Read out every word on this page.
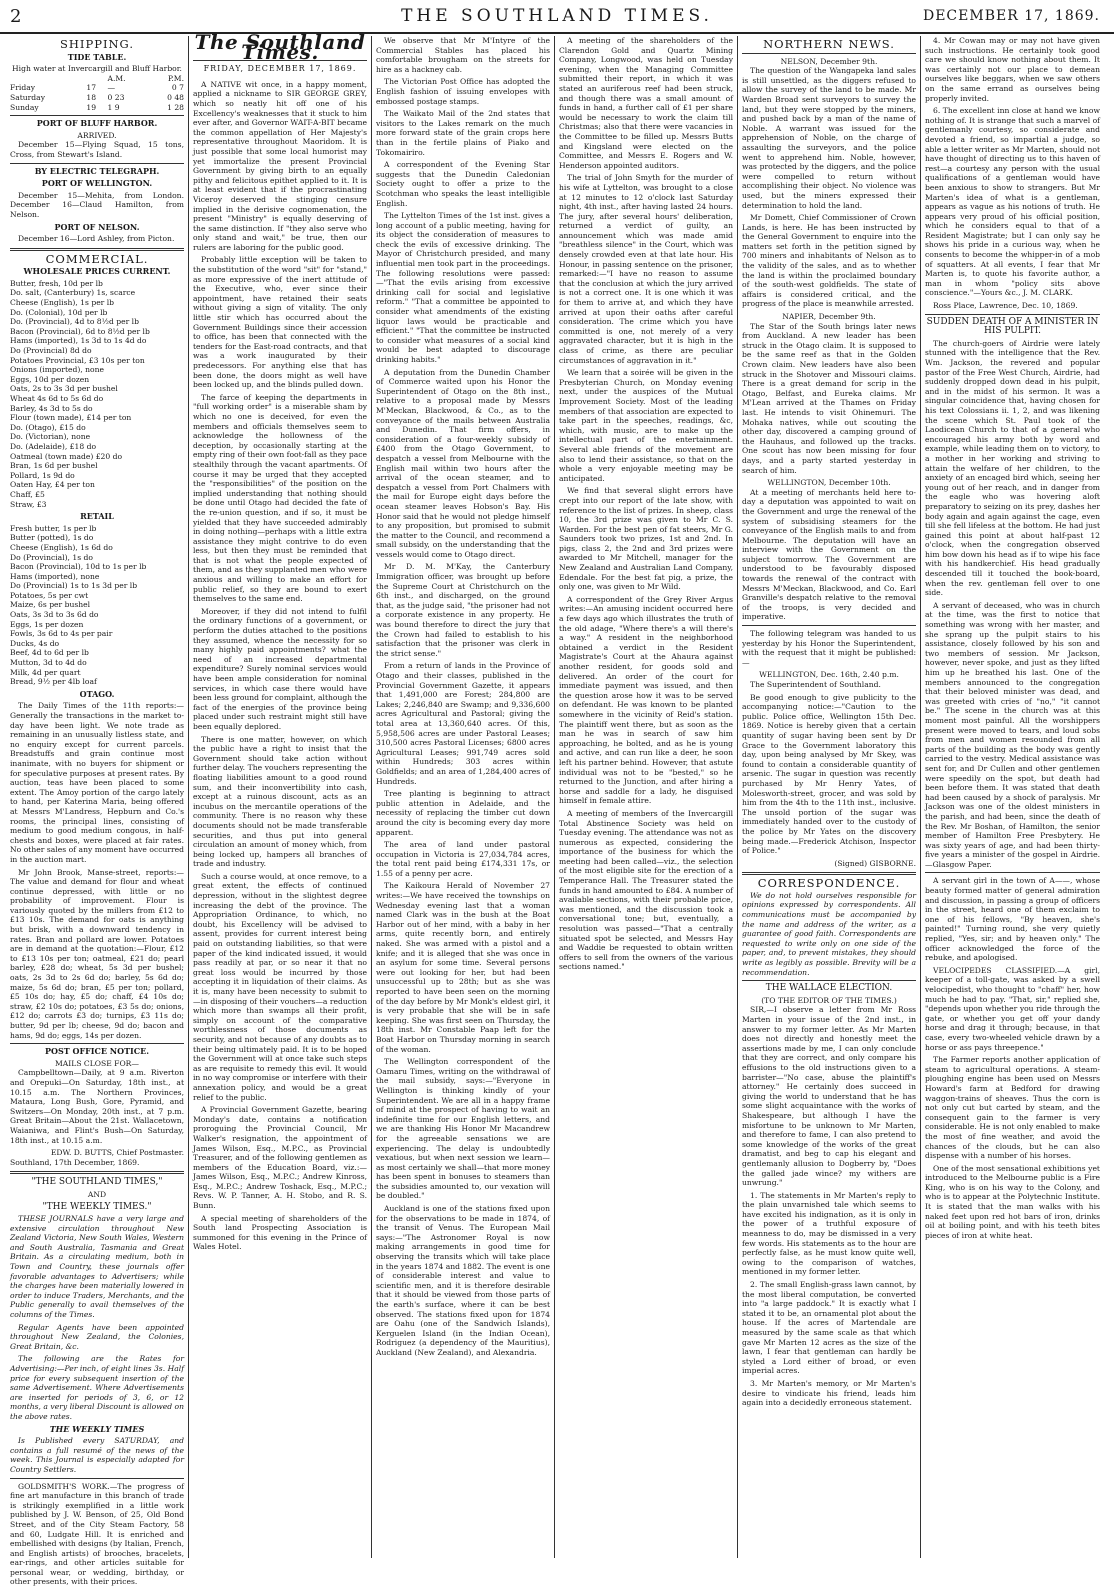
THE SOUTHLAND TIMES.
2	DECEMBER 17, 1869.
SHIPPING.
TIDE TABLE.
High water at Invercargill and Bluff Harbor.
		A.M.	P.M.
Friday	17	—	0 7
Saturday	18	0 23	0 48
Sunday	19	1 9	1 28
PORT OF BLUFF HARBOR.
ARRIVED.

December 15—Flying Squad, 15 tons, Cross, from Stewart's Island.

BY ELECTRIC TELEGRAPH.
PORT OF WELLINGTON.

December 15—Mehita, from London. December 16—Claud Hamilton, from Nelson.

PORT OF NELSON.

December 16—Lord Ashley, from Picton.

COMMERCIAL.
WHOLESALE PRICES CURRENT.
Butter, fresh, 10d per lb
Do. salt, (Canterbury) 1s, scarce
Cheese (English), 1s per lb
Do. (Colonial), 10d per lb
Do. (Provincial), 4d to 8½d per lb
Bacon (Provincial), 6d to 8½d per lb
Hams (imported), 1s 3d to 1s 4d do
Do (Provincial) 8d do
Potatoes Provincial, £3 10s per ton
Onions (imported), none
Eggs, 10d per dozen
Oats, 2s to 3s 3d per bushel
Wheat 4s 6d to 5s 6d do
Barley, 4s 3d to 5s do
Flour (town made), £14 per ton
Do. (Otago), £15 do
Do. (Victorian), none
Do. (Adelaide), £18 do
Oatmeal (town made) £20 do
Bran, 1s 6d per bushel
Pollard, 1s 9d do
Oaten Hay, £4 per ton
Chaff, £5
Straw, £3
RETAIL
Fresh butter, 1s per lb
Butter (potted), 1s do
Cheese (English), 1s 6d do
Do (Provincial), 1s do
Bacon (Provincial), 10d to 1s per lb
Hams (imported), none
Do (Provincial) 1s to 1s 3d per lb
Potatoes, 5s per cwt
Maize, 6s per bushel
Oats, 3s 3d to 3s 6d do
Eggs, 1s per dozen
Fowls, 3s 6d to 4s per pair
Ducks, 4s do
Beef, 4d to 6d per lb
Mutton, 3d to 4d do
Milk, 4d per quart
Bread, 9½ per 4lb loaf
OTAGO.

The Daily Times of the 11th reports:—Generally the transactions in the market to-day have been light. We note trade as remaining in an unusually listless state, and no enquiry except for current parcels. Breadstuffs and grain continue most inanimate, with no buyers for shipment or for speculative purposes at present rates. By auction, teas have been placed to some extent. The Amoy portion of the cargo lately to hand, per Katerina Maria, being offered at Messrs M'Landress, Hepburn and Co.'s rooms, the principal lines, consisting of medium to good medium congous, in half-chests and boxes, were placed at fair rates. No other sales of any moment have occurred in the auction mart.

Mr John Brook, Manse-street, reports:—The value and demand for flour and wheat continue depressed, with little or no probability of improvement. Flour is variously quoted by the millers from £12 to £13 10s. The demand for oats is anything but brisk, with a downward tendency in rates. Bran and pollard are lower. Potatoes are in demand at the quotation:—Flour, £12 to £13 10s per ton; oatmeal, £21 do; pearl barley, £28 do; wheat, 5s 3d per bushel; oats, 2s 3d to 2s 6d do; barley, 5s 6d do; maize, 5s 6d do; bran, £5 per ton; pollard, £5 10s do; hay, £5 do; chaff, £4 10s do; straw, £2 10s do; potatoes, £3 5s do; onions, £12 do; carrots £3 do; turnips, £3 11s do; butter, 9d per lb; cheese, 9d do; bacon and hams, 9d do; eggs, 14s per dozen.

POST OFFICE NOTICE.
MAILS CLOSE FOR—

Campbelltown—Daily, at 9 a.m. Riverton and Orepuki—On Saturday, 18th inst., at 10.15 a.m. The Northern Provinces, Mataura, Long Bush, Gore, Pyramid, and Switzers—On Monday, 20th inst., at 7 p.m. Great Britain—About the 21st. Wallacetown, Waianiwa, and Flint's Bush—On Saturday, 18th inst., at 10.15 a.m.

EDW. D. BUTTS, Chief Postmaster.
Southland, 17th December, 1869.
"THE SOUTHLAND TIMES,"
AND
"THE WEEKLY TIMES."

THESE JOURNALS have a very large and extensive circulation throughout New Zealand Victoria, New South Wales, Western and South Australia, Tasmania and Great Britain. As a circulating medium, both in Town and Country, these journals offer favorable advantages to Advertisers; while the charges have been materially lowered in order to induce Traders, Merchants, and the Public generally to avail themselves of the columns of the Times.

Regular Agents have been appointed throughout New Zealand, the Colonies, Great Britain, &c.

The following are the Rates for Advertising:—Per inch, of eight lines 3s. Half price for every subsequent insertion of the same Advertisement. Where Advertisements are inserted for periods of 3, 6, or 12 months, a very liberal Discount is allowed on the above rates.

THE WEEKLY TIMES

Is Published every SATURDAY, and contains a full resumé of the news of the week. This Journal is especially adapted for Country Settlers.

GOLDSMITH'S WORK.—The progress of fine art manufacture in this branch of trade is strikingly exemplified in a little work published by J. W. Benson, of 25, Old Bond Street, and of the City Steam Factory, 58 and 60, Ludgate Hill. It is enriched and embellished with designs (by Italian, French, and English artists) of brooches, bracelets, ear-rings, and other articles suitable for personal wear, or wedding, birthday, or other presents, with their prices.

The Southland Times.
FRIDAY, DECEMBER 17, 1869.

A NATIVE wit once, in a happy moment, applied a nickname to SIR GEORGE GREY, which so neatly hit off one of his Excellency's weaknesses that it stuck to him ever after, and Governor WAIT-A-BIT became the common appellation of Her Majesty's representative throughout Maoridom. It is just possible that some local humorist may yet immortalize the present Provincial Government by giving birth to an equally pithy and felicitous epithet applied to it. It is at least evident that if the procrastinating Viceroy deserved the stinging censure implied in the derisive cognomenation, the present "Ministry" is equally deserving of the same distinction. If "they also serve who only stand and wait," be true, then our rulers are laboring for the public good.

Probably little exception will be taken to the substitution of the word "sit" for "stand," as more expressive of the inert attitude of the Executive, who, ever since their appointment, have retained their seats without giving a sign of vitality. The only little stir which has occurred about the Government Buildings since their accession to office, has been that connected with the tenders for the East-road contracts, and that was a work inaugurated by their predecessors. For anything else that has been done, the doors might as well have been locked up, and the blinds pulled down.

The farce of keeping the departments in "full working order" is a miserable sham by which no one is deceived, for even the members and officials themselves seem to acknowledge the hollowness of the deception, by occasionally starting at the empty ring of their own foot-fall as they pace stealthily through the vacant apartments. Of course it may be urged that they accepted the "responsibilities" of the position on the implied understanding that nothing should be done until Otago had decided the fate of the re-union question, and if so, it must be yielded that they have succeeded admirably in doing nothing—perhaps with a little extra assistance they might contrive to do even less, but then they must be reminded that that is not what the people expected of them, and as they supplanted men who were anxious and willing to make an effort for public relief, so they are bound to exert themselves to the same end.

Moreover, if they did not intend to fulfil the ordinary functions of a government, or perform the duties attached to the positions they assumed, whence the necessity for so many highly paid appointments? what the need of an increased departmental expenditure? Surely nominal services would have been ample consideration for nominal services, in which case there would have been less ground for complaint, although the fact of the energies of the province being placed under such restraint might still have been equally deplored.

There is one matter, however, on which the public have a right to insist that the Government should take action without further delay. The vouchers representing the floating liabilities amount to a good round sum, and their inconvertibility into cash, except at a ruinous discount, acts as an incubus on the mercantile operations of the community. There is no reason why these documents should not be made transferable securities, and thus put into general circulation an amount of money which, from being locked up, hampers all branches of trade and industry.

Such a course would, at once remove, to a great extent, the effects of continued depression, without in the slightest degree increasing the debt of the province. The Appropriation Ordinance, to which, no doubt, his Excellency will be advised to assent, provides for current interest being paid on outstanding liabilities, so that were paper of the kind indicated issued, it would pass readily at par, or so near it that no great loss would be incurred by those accepting it in liquidation of their claims. As it is, many have been necessity to submit to—in disposing of their vouchers—a reduction which more than swamps all their profit, simply on account of the comparative worthlessness of those documents as security, and not because of any doubts as to their being ultimately paid. It is to be hoped the Government will at once take such steps as are requisite to remedy this evil. It would in no way compromise or interfere with their annexation policy, and would be a great relief to the public.

A Provincial Government Gazette, bearing Monday's date, contains a notification proroguing the Provincial Council, Mr Walker's resignation, the appointment of James Wilson, Esq., M.P.C., as Provincial Treasurer, and of the following gentlemen as members of the Education Board, viz.:—James Wilson, Esq., M.P.C.; Andrew Kinross, Esq., M.P.C.; Andrew Toshack, Esq., M.P.C.; Revs. W. P. Tanner, A. H. Stobo, and R. S. Bunn.

A special meeting of shareholders of the South land Prospecting Association is summoned for this evening in the Prince of Wales Hotel.

We observe that Mr M'Intyre of the Commercial Stables has placed his comfortable brougham on the streets for hire as a hackney cab.

The Victorian Post Office has adopted the English fashion of issuing envelopes with embossed postage stamps.

The Waikato Mail of the 2nd states that visitors to the Lakes remark on the much more forward state of the grain crops here than in the fertile plains of Piako and Tokomairiro.

A correspondent of the Evening Star suggests that the Dunedin Caledonian Society ought to offer a prize to the Scotchman who speaks the least intelligible English.

The Lyttelton Times of the 1st inst. gives a long account of a public meeting, having for its object the consideration of measures to check the evils of excessive drinking. The Mayor of Christchurch presided, and many influential men took part in the proceedings. The following resolutions were passed:—"That the evils arising from excessive drinking call for social and legislative reform." "That a committee be appointed to consider what amendments of the existing liquor laws would be practicable and efficient." "That the committee be instructed to consider what measures of a social kind would be best adapted to discourage drinking habits."

A deputation from the Dunedin Chamber of Commerce waited upon his Honor the Superintendent of Otago on the 8th inst., relative to a proposal made by Messrs M'Meckan, Blackwood, & Co., as to the conveyance of the mails between Australia and Dunedin. That firm offers, in consideration of a four-weekly subsidy of £400 from the Otago Government, to despatch a vessel from Melbourne with the English mail within two hours after the arrival of the ocean steamer, and to despatch a vessel from Port Chalmers with the mail for Europe eight days before the ocean steamer leaves Hobson's Bay. His Honor said that he would not pledge himself to any proposition, but promised to submit the matter to the Council, and recommend a small subsidy, on the understanding that the vessels would come to Otago direct.

Mr D. M. M'Kay, the Canterbury Immigration officer, was brought up before the Supreme Court at Christchurch on the 6th inst., and discharged, on the ground that, as the judge said, "the prisoner had not a corporate existence in any property. He was bound therefore to direct the jury that the Crown had failed to establish to his satisfaction that the prisoner was clerk in the strict sense."

From a return of lands in the Province of Otago and their classes, published in the Provincial Government Gazette, it appears that 1,491,000 are Forest; 284,800 are Lakes; 2,246,840 are Swamp; and 9,336,600 acres Agricultural and Pastoral; giving the total area at 13,360,640 acres. Of this, 5,958,506 acres are under Pastoral Leases; 310,500 acres Pastoral Licenses; 6800 acres Agricultural Leases; 991,749 acres sold within Hundreds; 303 acres within Goldfields; and an area of 1,284,400 acres of Hundreds.

Tree planting is beginning to attract public attention in Adelaide, and the necessity of replacing the timber cut down around the city is becoming every day more apparent.

The area of land under pastoral occupation in Victoria is 27,034,784 acres, the total rent paid being £174,331 17s, or 1.55 of a penny per acre.

The Kaikoura Herald of November 27 writes:—We have received the townships on Wednesday evening last that a woman named Clark was in the bush at the Boat Harbor out of her mind, with a baby in her arms, quite recently born, and entirely naked. She was armed with a pistol and a knife; and it is alleged that she was once in an asylum for some time. Several persons were out looking for her, but had been unsuccessful up to 28th; but as she was reported to have been seen on the morning of the day before by Mr Monk's eldest girl, it is very probable that she will be in safe keeping. She was first seen on Thursday, the 18th inst. Mr Constable Paap left for the Boat Harbor on Thursday morning in search of the woman.

The Wellington correspondent of the Oamaru Times, writing on the withdrawal of the mail subsidy, says:—"Everyone in Wellington is thinking kindly of your Superintendent. We are all in a happy frame of mind at the prospect of having to wait an indefinite time for our English letters, and we are thanking His Honor Mr Macandrew for the agreeable sensations we are experiencing. The delay is undoubtedly vexatious, but when next session we learn—as most certainly we shall—that more money has been spent in bonuses to steamers than the subsidies amounted to, our vexation will be doubled."

Auckland is one of the stations fixed upon for the observations to be made in 1874, of the transit of Venus. The European Mail says:—"The Astronomer Royal is now making arrangements in good time for observing the transits which will take place in the years 1874 and 1882. The event is one of considerable interest and value to scientific men, and it is therefore desirable that it should be viewed from those parts of the earth's surface, where it can be best observed. The stations fixed upon for 1874 are Oahu (one of the Sandwich Islands), Kerguelen Island (in the Indian Ocean), Rodriguez (a dependency of the Mauritius), Auckland (New Zealand), and Alexandria.

A meeting of the shareholders of the Clarendon Gold and Quartz Mining Company, Longwood, was held on Tuesday evening, when the Managing Committee submitted their report, in which it was stated an auriferous reef had been struck, and though there was a small amount of funds in hand, a further call of £1 per share would be necessary to work the claim till Christmas; also that there were vacancies in the Committee to be filled up. Messrs Butts and Kingsland were elected on the Committee, and Messrs E. Rogers and W. Henderson appointed auditors.

The trial of John Smyth for the murder of his wife at Lyttelton, was brought to a close at 12 minutes to 12 o'clock last Saturday night, 4th inst., after having lasted 24 hours. The jury, after several hours' deliberation, returned a verdict of guilty, an announcement which was made amid "breathless silence" in the Court, which was densely crowded even at that late hour. His Honour, in passing sentence on the prisoner, remarked:—"I have no reason to assume that the conclusion at which the jury arrived is not a correct one. It is one which it was for them to arrive at, and which they have arrived at upon their oaths after careful consideration. The crime which you have committed is one, not merely of a very aggravated character, but it is high in the class of crime, as there are peculiar circumstances of aggravation in it."

We learn that a soirée will be given in the Presbyterian Church, on Monday evening next, under the auspices of the Mutual Improvement Society. Most of the leading members of that association are expected to take part in the speeches, readings, &c, which, with music, are to make up the intellectual part of the entertainment. Several able friends of the movement are also to lend their assistance, so that on the whole a very enjoyable meeting may be anticipated.

We find that several slight errors have crept into our report of the late show, with reference to the list of prizes. In sheep, class 10, the 3rd prize was given to Mr C. S. Warden. For the best pen of fat steers, Mr G. Saunders took two prizes, 1st and 2nd. In pigs, class 2, the 2nd and 3rd prizes were awarded to Mr Mitchell, manager for the New Zealand and Australian Land Company, Edendale. For the best fat pig, a prize, the only one, was given to Mr Wild.

A correspondent of the Grey River Argus writes:—An amusing incident occurred here a few days ago which illustrates the truth of the old adage, "Where there's a will there's a way." A resident in the neighborhood obtained a verdict in the Resident Magistrate's Court at the Ahaura against another resident, for goods sold and delivered. An order of the court for immediate payment was issued, and then the question arose how it was to be served on defendant. He was known to be planted somewhere in the vicinity of Reid's station. The plaintiff went there, but as soon as the man he was in search of saw him approaching, he bolted, and as he is young and active, and can run like a deer, he soon left his partner behind. However, that astute individual was not to be "bested," so he returned to the Junction, and after hiring a horse and saddle for a lady, he disguised himself in female attire.

A meeting of members of the Invercargill Total Abstinence Society was held on Tuesday evening. The attendance was not as numerous as expected, considering the importance of the business for which the meeting had been called—viz., the selection of the most eligible site for the erection of a Temperance Hall. The Treasurer stated the funds in hand amounted to £84. A number of available sections, with their probable price, was mentioned, and the discussion took a conversational tone; but, eventually, a resolution was passed—"That a centrally situated spot be selected, and Messrs Hay and Waddie be requested to obtain written offers to sell from the owners of the various sections named."

NORTHERN NEWS.
NELSON, December 9th.

The question of the Wangapeka land sales is still unsettled, as the diggers refused to allow the survey of the land to be made. Mr Warden Broad sent surveyors to survey the land, but they were stopped by the miners, and pushed back by a man of the name of Noble. A warrant was issued for the apprehension of Noble, on the charge of assaulting the surveyors, and the police went to apprehend him. Noble, however, was protected by the diggers, and the police were compelled to return without accomplishing their object. No violence was used, but the miners expressed their determination to hold the land.

Mr Domett, Chief Commissioner of Crown Lands, is here. He has been instructed by the General Government to enquire into the matters set forth in the petition signed by 700 miners and inhabitants of Nelson as to the validity of the sales, and as to whether the land is within the proclaimed boundary of the south-west goldfields. The state of affairs is considered critical, and the progress of the place is meanwhile arrested.

NAPIER, December 9th.

The Star of the South brings later news from Auckland. A new leader has been struck in the Otago claim. It is supposed to be the same reef as that in the Golden Crown claim. New leaders have also been struck in the Shotover and Missouri claims. There is a great demand for scrip in the Otago, Belfast, and Eureka claims. Mr M'Lean arrived at the Thames on Friday last. He intends to visit Ohinemuri. The Mohaka natives, while out scouting the other day, discovered a camping ground of the Hauhaus, and followed up the tracks. One scout has now been missing for four days, and a party started yesterday in search of him.

WELLINGTON, December 10th.

At a meeting of merchants held here to-day a deputation was appointed to wait on the Government and urge the renewal of the system of subsidising steamers for the conveyance of the English mails to and from Melbourne. The deputation will have an interview with the Government on the subject tomorrow. The Government are understood to be favourably disposed towards the renewal of the contract with Messrs M'Meckan, Blackwood, and Co. Earl Granville's despatch relative to the removal of the troops, is very decided and imperative.

The following telegram was handed to us yesterday by his Honor the Superintendent, with the request that it might be published:—

WELLINGTON, Dec. 16th, 2.40 p.m.

The Superintendent of Southland.

Be good enough to give publicity to the accompanying notice:—"Caution to the public. Police office, Wellington 15th Dec. 1869. Notice is hereby given that a certain quantity of sugar having been sent by Dr Grace to the Government laboratory this day, upon being analysed by Mr Skey, was found to contain a considerable quantity of arsenic. The sugar in question was recently purchased by Mr Henry Yates, of Molesworth-street, grocer, and was sold by him from the 4th to the 11th inst., inclusive. The unsold portion of the sugar was immediately handed over to the custody of the police by Mr Yates on the discovery being made.—Frederick Atchison, Inspector of Police."

(Signed) GISBORNE.
CORRESPONDENCE.

We do not hold ourselves responsible for opinions expressed by correspondents. All communications must be accompanied by the name and address of the writer, as a guarantee of good faith. Correspondents are requested to write only on one side of the paper, and, to prevent mistakes, they should write as legibly as possible. Brevity will be a recommendation.

THE WALLACE ELECTION.
(TO THE EDITOR OF THE TIMES.)

SIR,—I observe a letter from Mr Ross Marten in your issue of the 2nd inst., in answer to my former letter. As Mr Marten does not directly and honestly meet the assertions made by me, I can only conclude that they are correct, and only compare his effusions to the old instructions given to a barrister—"No case, abuse the plaintiff's attorney." He certainly does succeed in giving the world to understand that he has some slight acquaintance with the works of Shakespeare, but although I have the misfortune to be unknown to Mr Marten, and therefore to fame, I can also pretend to some knowledge of the works of the great dramatist, and beg to cap his elegant and gentlemanly allusion to Dogberry by, "Does the galled jade wince? my withers are unwrung."

1. The statements in Mr Marten's reply to the plain unvarnished tale which seems to have excited his indignation, as it is only in the power of a truthful exposure of meanness to do, may be dismissed in a very few words. His statements as to the hour are perfectly false, as he must know quite well, owing to the comparison of watches, mentioned in my former letter.

2. The small English-grass lawn cannot, by the most liberal computation, be converted into "a large paddock." It is exactly what I stated it to be, an ornamental plot about the house. If the acres of Martendale are measured by the same scale as that which gave Mr Marten 12 acres as the size of the lawn, I fear that gentleman can hardly be styled a Lord either of broad, or even imperial acres.

3. Mr Marten's memory, or Mr Marten's desire to vindicate his friend, leads him again into a decidedly erroneous statement.

4. Mr Cowan may or may not have given such instructions. He certainly took good care we should know nothing about them. It was certainly not our place to demean ourselves like beggars, when we saw others on the same errand as ourselves being properly invited.

6. The excellent inn close at hand we know nothing of. It is strange that such a marvel of gentlemanly courtesy, so considerate and devoted a friend, so impartial a judge, so able a letter writer as Mr Marten, should not have thought of directing us to this haven of rest—a courtesy any person with the usual qualifications of a gentleman would have been anxious to show to strangers. But Mr Marten's idea of what is a gentleman, appears as vague as his notions of truth. He appears very proud of his official position, which he considers equal to that of a Resident Magistrate; but I can only say he shows his pride in a curious way, when he consents to become the whipper-in of a mob of squatters. At all events, I fear that Mr Marten is, to quote his favorite author, a man in whom "policy sits above conscience."—Yours &c., J. M. CLARK.

Ross Place, Lawrence, Dec. 10, 1869.

SUDDEN DEATH OF A MINISTER IN HIS PULPIT.

The church-goers of Airdrie were lately stunned with the intelligence that the Rev. Wm. Jackson, the revered and popular pastor of the Free West Church, Airdrie, had suddenly dropped down dead in his pulpit, and in the midst of his sermon. It was a singular coincidence that, having chosen for his text Colossians ii. 1, 2, and was likening the scene which St. Paul took of the Laodicean Church to that of a general who encouraged his army both by word and example, while leading them on to victory, to a mother in her working and striving to attain the welfare of her children, to the anxiety of an encaged bird which, seeing her young out of her reach, and in danger from the eagle who was hovering aloft preparatory to seizing on its prey, dashes her body again and again against the cage, even till she fell lifeless at the bottom. He had just gained this point at about half-past 12 o'clock, when the congregation observed him bow down his head as if to wipe his face with his handkerchief. His head gradually descended till it touched the book-board, when the rev. gentleman fell over to one side.

A servant of deceased, who was in church at the time, was the first to notice that something was wrong with her master, and she sprang up the pulpit stairs to his assistance, closely followed by his son and two members of session. Mr Jackson, however, never spoke, and just as they lifted him up he breathed his last. One of the members announced to the congregation that their beloved minister was dead, and was greeted with cries of "no," "it cannot be." The scene in the church was at this moment most painful. All the worshippers present were moved to tears, and loud sobs from men and women resounded from all parts of the building as the body was gently carried to the vestry. Medical assistance was sent for, and Dr Cullen and other gentlemen were speedily on the spot, but death had been before them. It was stated that death had been caused by a shock of paralysis. Mr Jackson was one of the oldest ministers in the parish, and had been, since the death of the Rev. Mr Boshan, of Hamilton, the senior member of Hamilton Free Presbytery. He was sixty years of age, and had been thirty-five years a minister of the gospel in Airdrie.—Glasgow Paper.

A servant girl in the town of A——, whose beauty formed matter of general admiration and discussion, in passing a group of officers in the street, heard one of them exclaim to one of his fellows, "By heaven, she's painted!" Turning round, she very quietly replied, "Yes, sir; and by heaven only." The officer acknowledged the force of the rebuke, and apologised.

VELOCIPEDES CLASSIFIED.—A girl, keeper of a toll-gate, was asked by a swell velocipedist, who thought to "chaff" her, how much he had to pay. "That, sir," replied she, "depends upon whether you ride through the gate, or whether you get off your dandy horse and drag it through; because, in that case, every two-wheeled vehicle drawn by a horse or ass pays threepence."

The Farmer reports another application of steam to agricultural operations. A steam-ploughing engine has been used on Messrs Howard's farm at Bedford for drawing waggon-trains of sheaves. Thus the corn is not only cut but carted by steam, and the consequent gain to the farmer is very considerable. He is not only enabled to make the most of fine weather, and avoid the chances of the clouds, but he can also dispense with a number of his horses.

One of the most sensational exhibitions yet introduced to the Melbourne public is a Fire King, who is on his way to the Colony, and who is to appear at the Polytechnic Institute. It is stated that the man walks with his naked feet upon red hot bars of iron, drinks oil at boiling point, and with his teeth bites pieces of iron at white heat.
